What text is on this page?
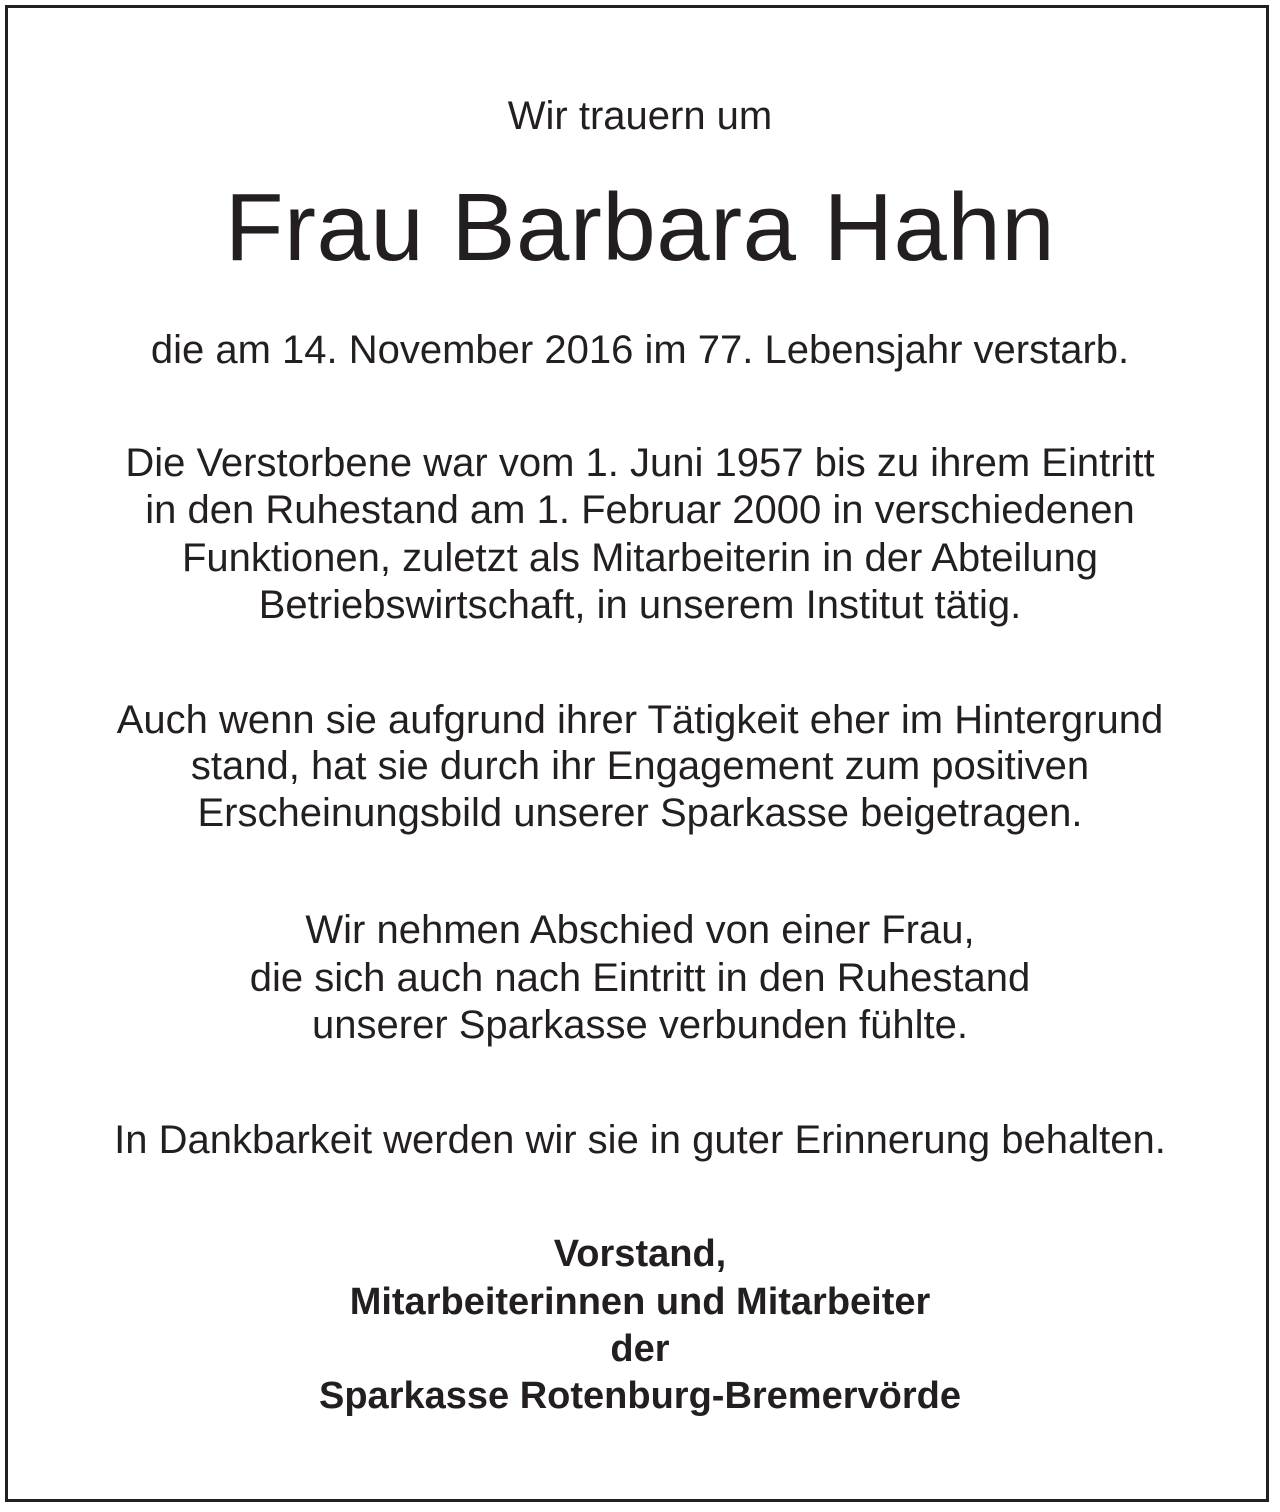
Wir trauern um
Frau Barbara Hahn
die am 14. November 2016 im 77. Lebensjahr verstarb.
Die Verstorbene war vom 1. Juni 1957 bis zu ihrem Eintritt
in den Ruhestand am 1. Februar 2000 in verschiedenen
Funktionen, zuletzt als Mitarbeiterin in der Abteilung
Betriebswirtschaft, in unserem Institut tätig.
Auch wenn sie aufgrund ihrer Tätigkeit eher im Hintergrund
stand, hat sie durch ihr Engagement zum positiven
Erscheinungsbild unserer Sparkasse beigetragen.
Wir nehmen Abschied von einer Frau,
die sich auch nach Eintritt in den Ruhestand
unserer Sparkasse verbunden fühlte.
In Dankbarkeit werden wir sie in guter Erinnerung behalten.
Vorstand,
Mitarbeiterinnen und Mitarbeiter
der
Sparkasse Rotenburg-Bremervörde
